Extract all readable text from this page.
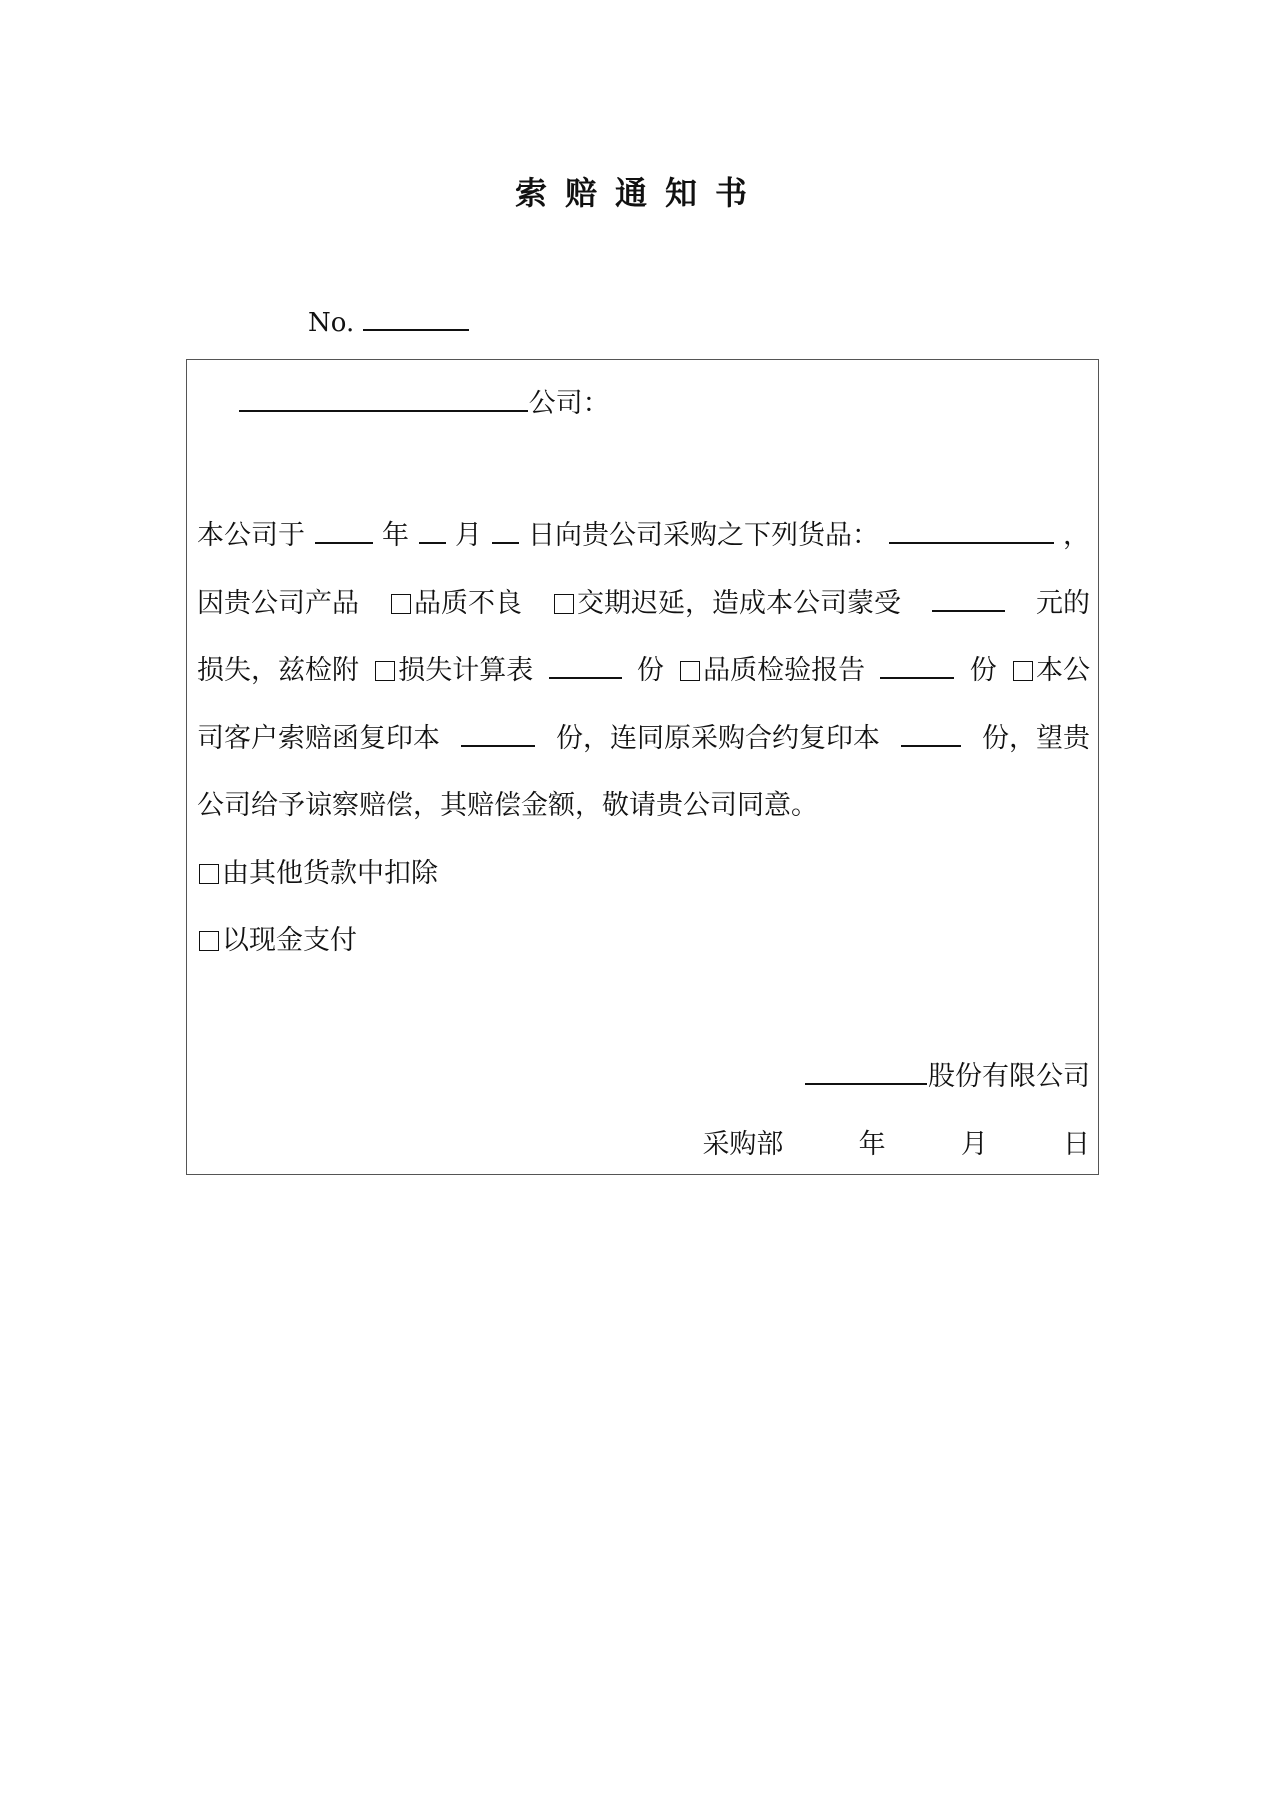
索赔通知书
No.
公司：
本公司于	年 月 日向贵公司采购之下列货品：	，
因贵公司产品	品质不良	交期迟延，造成本公司蒙受	元的
损失，兹检附	损失计算表	份	品质检验报告	份	本公
司客户索赔函复印本	份，连同原采购合约复印本	份，望贵
公司给予谅察赔偿，其赔偿金额，敬请贵公司同意。
由其他货款中扣除
以现金支付
股份有限公司
采购部	年	月	日
